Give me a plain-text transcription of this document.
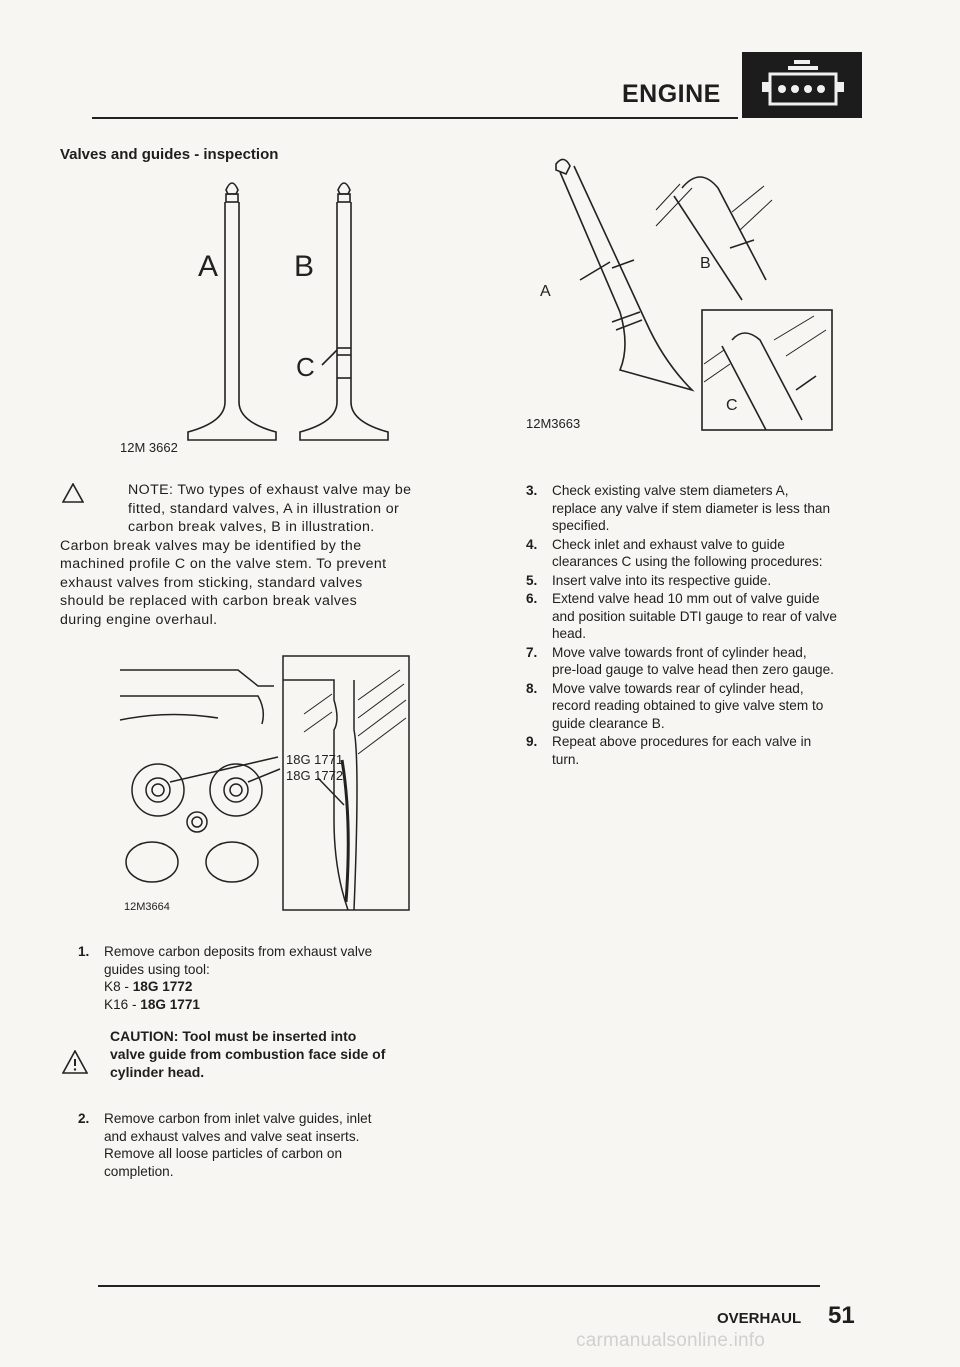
ENGINE
Valves and guides - inspection
A	B
C
12M 3662
NOTE: Two types of exhaust valve may be
fitted, standard valves, A in illustration or
carbon break valves, B in illustration.
Carbon break valves may be identified by the
machined profile C on the valve stem. To prevent
exhaust valves from sticking, standard valves
should be replaced with carbon break valves
during engine overhaul.
18G 1771
18G 1772
12M3664
1. Remove carbon deposits from exhaust valve
guides using tool:
K8 - 18G 1772
K16 - 18G 1771
CAUTION: Tool must be inserted into
valve guide from combustion face side of
cylinder head.
2. Remove carbon from inlet valve guides, inlet
and exhaust valves and valve seat inserts.
Remove all loose particles of carbon on
completion.
A
B
C
12M3663
3. Check existing valve stem diameters A,
replace any valve if stem diameter is less than
specified.
4. Check inlet and exhaust valve to guide
clearances C using the following procedures:
5. Insert valve into its respective guide.
6. Extend valve head 10 mm out of valve guide
and position suitable DTI gauge to rear of valve
head.
7. Move valve towards front of cylinder head,
pre-load gauge to valve head then zero gauge.
8. Move valve towards rear of cylinder head,
record reading obtained to give valve stem to
guide clearance B.
9. Repeat above procedures for each valve in
turn.
OVERHAUL 51
carmanualsonline.info
